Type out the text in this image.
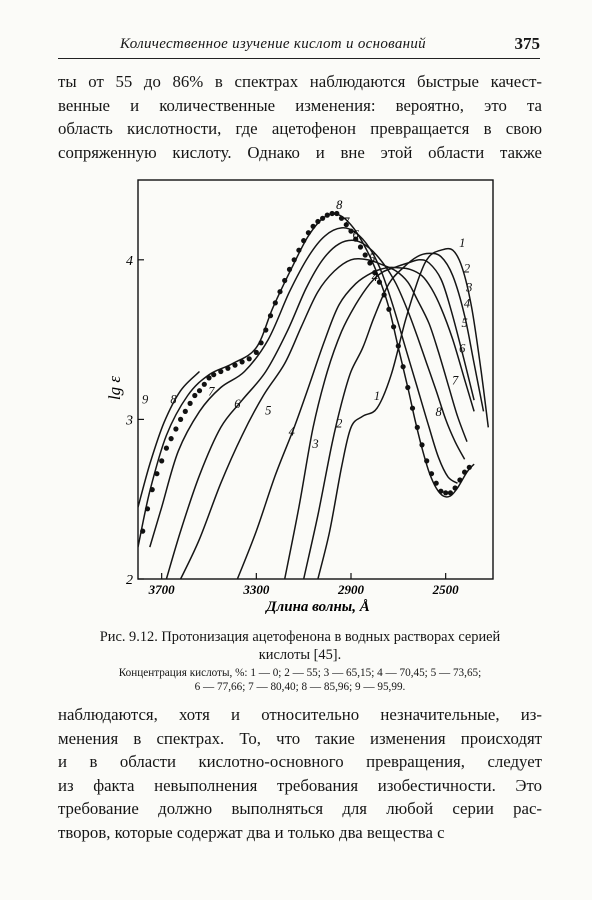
Количественное изучение кислот и оснований	375
ты от 55 до 86% в спектрах наблюдаются быстрые качест-
венные и количественные изменения: вероятно, это та
область кислотности, где ацетофенон превращается в свою
сопряженную кислоту. Однако и вне этой области также
1
1
2
2
3
3
4
4
5
5
6
6
7
7
8
8
9
8
7
6
5
4
3700	3300	2900	2500
2
3
4
lg ε
Длина волны, Å
Рис. 9.12. Протонизация ацетофенона в водных растворах серией
кислоты [45].
Концентрация кислоты, %: 1 — 0; 2 — 55; 3 — 65,15; 4 — 70,45; 5 — 73,65;
6 — 77,66; 7 — 80,40; 8 — 85,96; 9 — 95,99.
наблюдаются, хотя и относительно незначительные, из-
менения в спектрах. То, что такие изменения происходят
и в области кислотно-основного превращения, следует
из факта невыполнения требования изобестичности. Это
требование должно выполняться для любой серии рас-
творов, которые содержат два и только два вещества с
